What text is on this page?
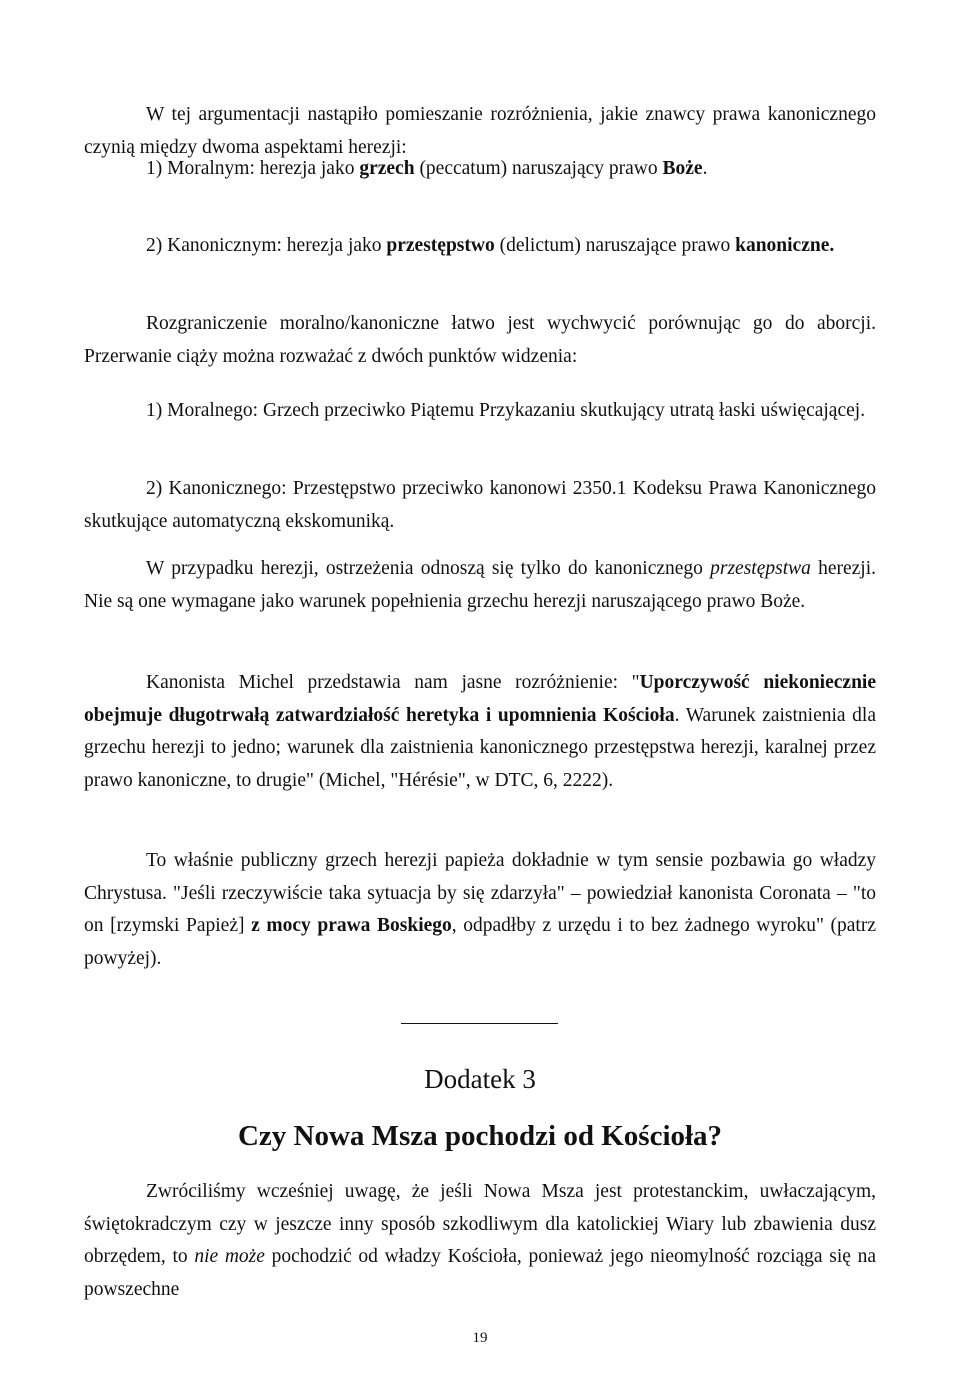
W tej argumentacji nastąpiło pomieszanie rozróżnienia, jakie znawcy prawa kanonicznego czynią między dwoma aspektami herezji:

1) Moralnym: herezja jako grzech (peccatum) naruszający prawo Boże.

2) Kanonicznym: herezja jako przestępstwo (delictum) naruszające prawo kanoniczne.

Rozgraniczenie moralno/kanoniczne łatwo jest wychwycić porównując go do aborcji. Przerwanie ciąży można rozważać z dwóch punktów widzenia:

1) Moralnego: Grzech przeciwko Piątemu Przykazaniu skutkujący utratą łaski uświęcającej.

2) Kanonicznego: Przestępstwo przeciwko kanonowi 2350.1 Kodeksu Prawa Kanonicznego skutkujące automatyczną ekskomuniką.

W przypadku herezji, ostrzeżenia odnoszą się tylko do kanonicznego przestępstwa herezji. Nie są one wymagane jako warunek popełnienia grzechu herezji naruszającego prawo Boże.

Kanonista Michel przedstawia nam jasne rozróżnienie: "Uporczywość niekoniecznie obejmuje długotrwałą zatwardziałość heretyka i upomnienia Kościoła. Warunek zaistnienia dla grzechu herezji to jedno; warunek dla zaistnienia kanonicznego przestępstwa herezji, karalnej przez prawo kanoniczne, to drugie" (Michel, "Hérésie", w DTC, 6, 2222).

To właśnie publiczny grzech herezji papieża dokładnie w tym sensie pozbawia go władzy Chrystusa. "Jeśli rzeczywiście taka sytuacja by się zdarzyła" – powiedział kanonista Coronata – "to on [rzymski Papież] z mocy prawa Boskiego, odpadłby z urzędu i to bez żadnego wyroku" (patrz powyżej).

Dodatek 3
Czy Nowa Msza pochodzi od Kościoła?

Zwróciliśmy wcześniej uwagę, że jeśli Nowa Msza jest protestanckim, uwłaczającym, świętokradczym czy w jeszcze inny sposób szkodliwym dla katolickiej Wiary lub zbawienia dusz obrzędem, to nie może pochodzić od władzy Kościoła, ponieważ jego nieomylność rozciąga się na powszechne

19
